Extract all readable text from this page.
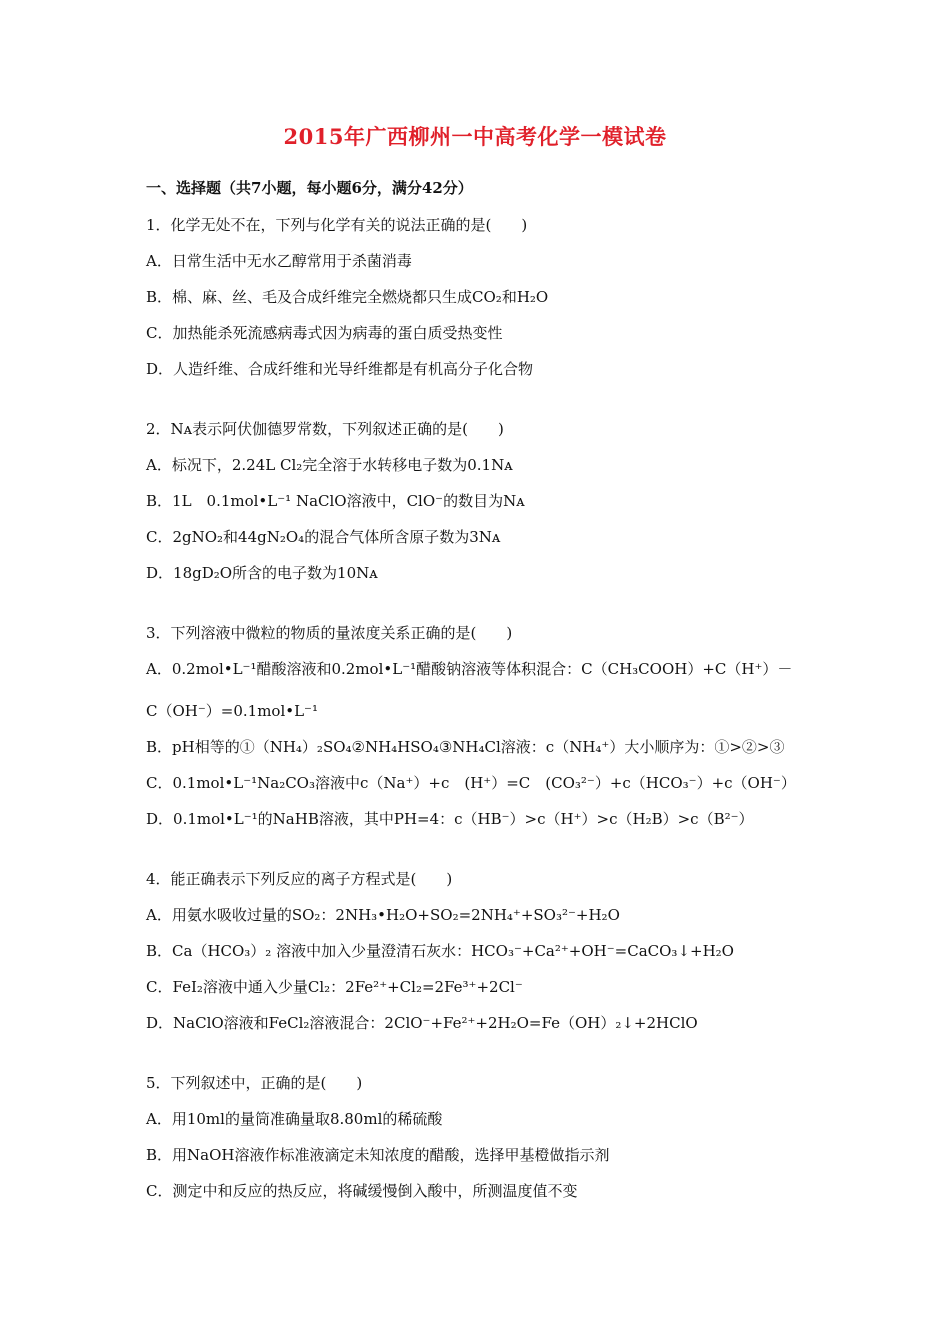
2015年广西柳州一中高考化学一模试卷
一、选择题（共7小题，每小题6分，满分42分）
1．化学无处不在，下列与化学有关的说法正确的是(　　)
A．日常生活中无水乙醇常用于杀菌消毒
B．棉、麻、丝、毛及合成纤维完全燃烧都只生成CO₂和H₂O
C．加热能杀死流感病毒式因为病毒的蛋白质受热变性
D．人造纤维、合成纤维和光导纤维都是有机高分子化合物
2．Nᴀ表示阿伏伽德罗常数，下列叙述正确的是(　　)
A．标况下，2.24L Cl₂完全溶于水转移电子数为0.1Nᴀ
B．1L　0.1mol•L⁻¹ NaClO溶液中，ClO⁻的数目为Nᴀ
C．2gNO₂和44gN₂O₄的混合气体所含原子数为3Nᴀ
D．18gD₂O所含的电子数为10Nᴀ
3．下列溶液中微粒的物质的量浓度关系正确的是(　　)
A．0.2mol•L⁻¹醋酸溶液和0.2mol•L⁻¹醋酸钠溶液等体积混合：C（CH₃COOH）+C（H⁺）－
C（OH⁻）=0.1mol•L⁻¹
B．pH相等的①（NH₄）₂SO₄②NH₄HSO₄③NH₄Cl溶液：c（NH₄⁺）大小顺序为：①>②>③
C．0.1mol•L⁻¹Na₂CO₃溶液中c（Na⁺）+c　(H⁺）=C　(CO₃²⁻）+c（HCO₃⁻）+c（OH⁻）
D．0.1mol•L⁻¹的NaHB溶液，其中PH=4：c（HB⁻）>c（H⁺）>c（H₂B）>c（B²⁻）
4．能正确表示下列反应的离子方程式是(　　)
A．用氨水吸收过量的SO₂：2NH₃•H₂O+SO₂=2NH₄⁺+SO₃²⁻+H₂O
B．Ca（HCO₃）₂ 溶液中加入少量澄清石灰水：HCO₃⁻+Ca²⁺+OH⁻=CaCO₃↓+H₂O
C．FeI₂溶液中通入少量Cl₂：2Fe²⁺+Cl₂=2Fe³⁺+2Cl⁻
D．NaClO溶液和FeCl₂溶液混合：2ClO⁻+Fe²⁺+2H₂O=Fe（OH）₂↓+2HClO
5．下列叙述中，正确的是(　　)
A．用10ml的量筒准确量取8.80ml的稀硫酸
B．用NaOH溶液作标准液滴定未知浓度的醋酸，选择甲基橙做指示剂
C．测定中和反应的热反应，将碱缓慢倒入酸中，所测温度值不变
